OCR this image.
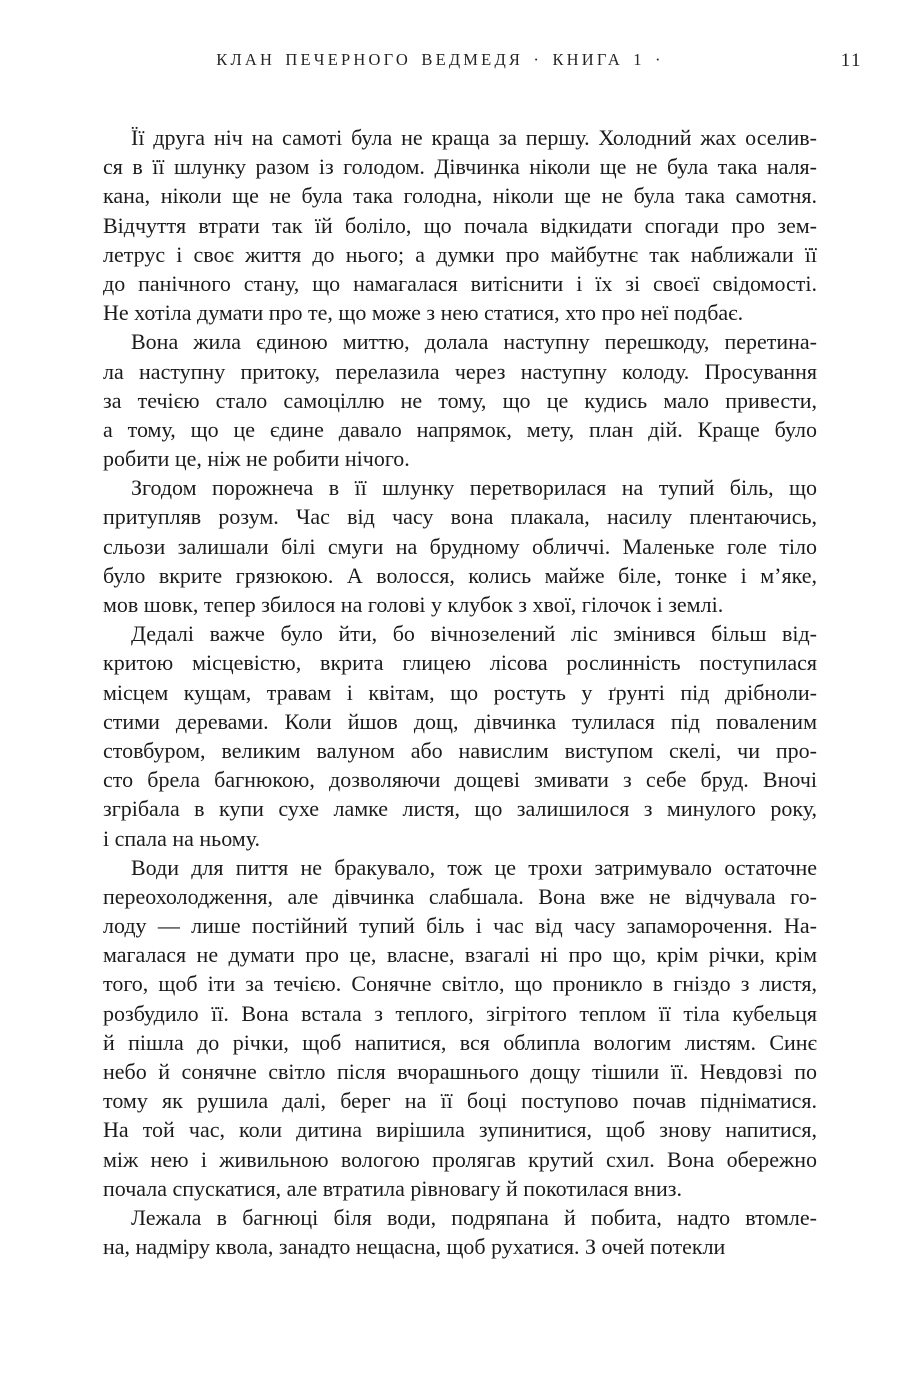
КЛАН ПЕЧЕРНОГО ВЕДМЕДЯ · КНИГА 1 ·	11
Її друга ніч на самоті була не краща за першу. Холодний жах оселив-
ся в її шлунку разом із голодом. Дівчинка ніколи ще не була така наля-
кана, ніколи ще не була така голодна, ніколи ще не була така самотня.
Відчуття втрати так їй боліло, що почала відкидати спогади про зем-
летрус і своє життя до нього; а думки про майбутнє так наближали її
до панічного стану, що намагалася витіснити і їх зі своєї свідомості.
Не хотіла думати про те, що може з нею статися, хто про неї подбає.
Вона жила єдиною миттю, долала наступну перешкоду, перетина-
ла наступну притоку, перелазила через наступну колоду. Просування
за течією стало самоціллю не тому, що це кудись мало привести,
а тому, що це єдине давало напрямок, мету, план дій. Краще було
робити це, ніж не робити нічого.
Згодом порожнеча в її шлунку перетворилася на тупий біль, що
притупляв розум. Час від часу вона плакала, насилу плентаючись,
сльози залишали білі смуги на брудному обличчі. Маленьке голе тіло
було вкрите грязюкою. А волосся, колись майже біле, тонке і м’яке,
мов шовк, тепер збилося на голові у клубок з хвої, гілочок і землі.
Дедалі важче було йти, бо вічнозелений ліс змінився більш від-
критою місцевістю, вкрита глицею лісова рослинність поступилася
місцем кущам, травам і квітам, що ростуть у ґрунті під дрібноли-
стими деревами. Коли йшов дощ, дівчинка тулилася під поваленим
стовбуром, великим валуном або навислим виступом скелі, чи про-
сто брела багнюкою, дозволяючи дощеві змивати з себе бруд. Вночі
згрібала в купи сухе ламке листя, що залишилося з минулого року,
і спала на ньому.
Води для пиття не бракувало, тож це трохи затримувало остаточне
переохолодження, але дівчинка слабшала. Вона вже не відчувала го-
лоду — лише постійний тупий біль і час від часу запаморочення. На-
магалася не думати про це, власне, взагалі ні про що, крім річки, крім
того, щоб іти за течією. Сонячне світло, що проникло в гніздо з листя,
розбудило її. Вона встала з теплого, зігрітого теплом її тіла кубельця
й пішла до річки, щоб напитися, вся облипла вологим листям. Синє
небо й сонячне світло після вчорашнього дощу тішили її. Невдовзі по
тому як рушила далі, берег на її боці поступово почав підніматися.
На той час, коли дитина вирішила зупинитися, щоб знову напитися,
між нею і живильною вологою пролягав крутий схил. Вона обережно
почала спускатися, але втратила рівновагу й покотилася вниз.
Лежала в багнюці біля води, подряпана й побита, надто втомле-
на, надміру квола, занадто нещасна, щоб рухатися. З очей потекли
